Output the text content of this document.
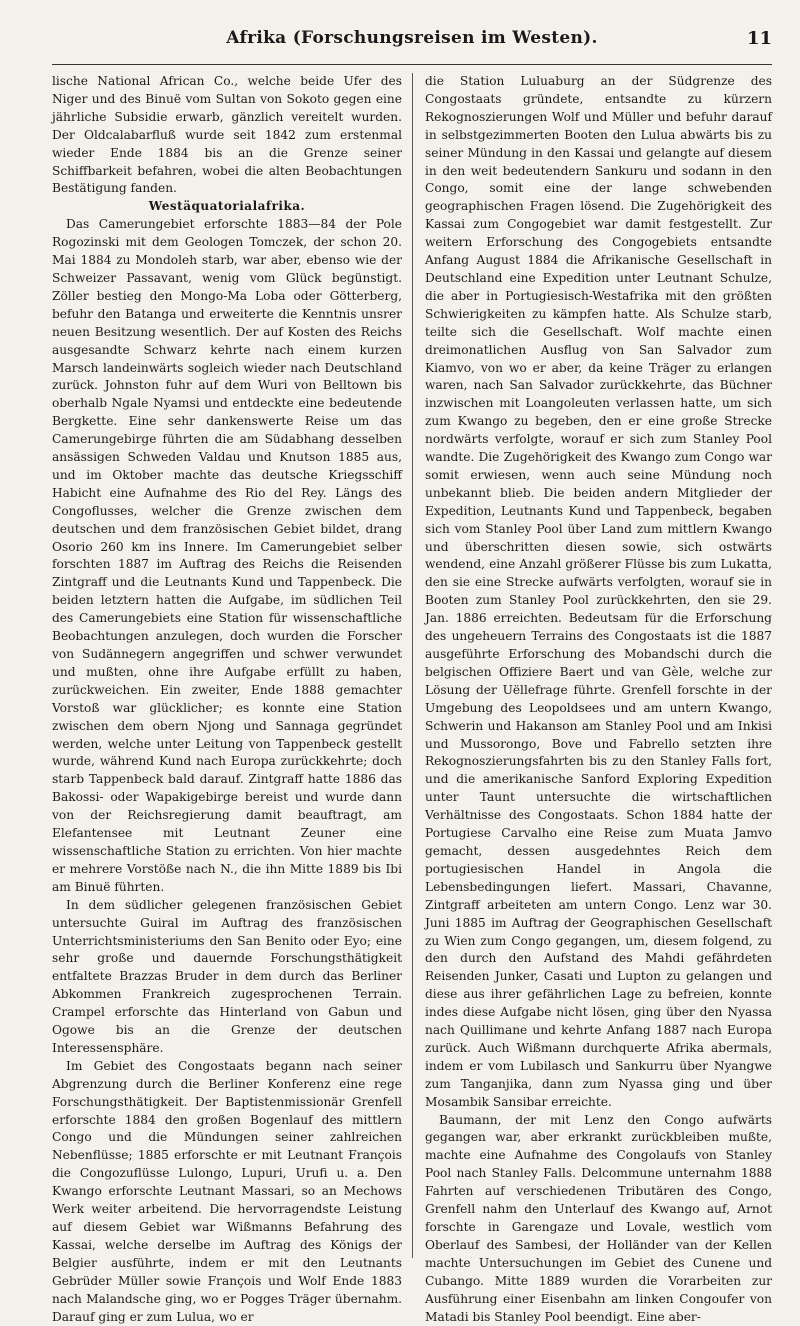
Afrika (Forschungsreisen im Westen).	11

lische National African Co., welche beide Ufer des Niger und des Binuë vom Sultan von Sokoto gegen eine jährliche Subsidie erwarb, gänzlich vereitelt wurden. Der Oldcalabarfluß wurde seit 1842 zum erstenmal wieder Ende 1884 bis an die Grenze seiner Schiffbarkeit befahren, wobei die alten Beobachtungen Bestätigung fanden.

Westäquatorialafrika.

Das Camerungebiet erforschte 1883—84 der Pole Rogozinski mit dem Geologen Tomczek, der schon 20. Mai 1884 zu Mondoleh starb, war aber, ebenso wie der Schweizer Passavant, wenig vom Glück begünstigt. Zöller bestieg den Mongo-Ma Loba oder Götterberg, befuhr den Batanga und erweiterte die Kenntnis unsrer neuen Besitzung wesentlich. Der auf Kosten des Reichs ausgesandte Schwarz kehrte nach einem kurzen Marsch landeinwärts sogleich wieder nach Deutschland zurück. Johnston fuhr auf dem Wuri von Belltown bis oberhalb Ngale Nyamsi und entdeckte eine bedeutende Bergkette. Eine sehr dankenswerte Reise um das Camerungebirge führten die am Südabhang desselben ansässigen Schweden Valdau und Knutson 1885 aus, und im Oktober machte das deutsche Kriegsschiff Habicht eine Aufnahme des Rio del Rey. Längs des Congoflusses, welcher die Grenze zwischen dem deutschen und dem französischen Gebiet bildet, drang Osorio 260 km ins Innere. Im Camerungebiet selber forschten 1887 im Auftrag des Reichs die Reisenden Zintgraff und die Leutnants Kund und Tappenbeck. Die beiden letztern hatten die Aufgabe, im südlichen Teil des Camerungebiets eine Station für wissenschaftliche Beobachtungen anzulegen, doch wurden die Forscher von Sudännegern angegriffen und schwer verwundet und mußten, ohne ihre Aufgabe erfüllt zu haben, zurückweichen. Ein zweiter, Ende 1888 gemachter Vorstoß war glücklicher; es konnte eine Station zwischen dem obern Njong und Sannaga gegründet werden, welche unter Leitung von Tappenbeck gestellt wurde, während Kund nach Europa zurückkehrte; doch starb Tappenbeck bald darauf. Zintgraff hatte 1886 das Bakossi- oder Wapakigebirge bereist und wurde dann von der Reichsregierung damit beauftragt, am Elefantensee mit Leutnant Zeuner eine wissenschaftliche Station zu errichten. Von hier machte er mehrere Vorstöße nach N., die ihn Mitte 1889 bis Ibi am Binuë führten.

In dem südlicher gelegenen französischen Gebiet untersuchte Guiral im Auftrag des französischen Unterrichtsministeriums den San Benito oder Eyo; eine sehr große und dauernde Forschungsthätigkeit entfaltete Brazzas Bruder in dem durch das Berliner Abkommen Frankreich zugesprochenen Terrain. Crampel erforschte das Hinterland von Gabun und Ogowe bis an die Grenze der deutschen Interessensphäre.

Im Gebiet des Congostaats begann nach seiner Abgrenzung durch die Berliner Konferenz eine rege Forschungsthätigkeit. Der Baptistenmissionär Grenfell erforschte 1884 den großen Bogenlauf des mittlern Congo und die Mündungen seiner zahlreichen Nebenflüsse; 1885 erforschte er mit Leutnant François die Congozuflüsse Lulongo, Lupuri, Urufi u. a. Den Kwango erforschte Leutnant Massari, so an Mechows Werk weiter arbeitend. Die hervorragendste Leistung auf diesem Gebiet war Wißmanns Befahrung des Kassai, welche derselbe im Auftrag des Königs der Belgier ausführte, indem er mit den Leutnants Gebrüder Müller sowie François und Wolf Ende 1883 nach Malandsche ging, wo er Pogges Träger übernahm. Darauf ging er zum Lulua, wo er

die Station Luluaburg an der Südgrenze des Congostaats gründete, entsandte zu kürzern Rekognoszierungen Wolf und Müller und befuhr darauf in selbstgezimmerten Booten den Lulua abwärts bis zu seiner Mündung in den Kassai und gelangte auf diesem in den weit bedeutendern Sankuru und sodann in den Congo, somit eine der lange schwebenden geographischen Fragen lösend. Die Zugehörigkeit des Kassai zum Congogebiet war damit festgestellt. Zur weitern Erforschung des Congogebiets entsandte Anfang August 1884 die Afrikanische Gesellschaft in Deutschland eine Expedition unter Leutnant Schulze, die aber in Portugiesisch-Westafrika mit den größten Schwierigkeiten zu kämpfen hatte. Als Schulze starb, teilte sich die Gesellschaft. Wolf machte einen dreimonatlichen Ausflug von San Salvador zum Kiamvo, von wo er aber, da keine Träger zu erlangen waren, nach San Salvador zurückkehrte, das Büchner inzwischen mit Loangoleuten verlassen hatte, um sich zum Kwango zu begeben, den er eine große Strecke nordwärts verfolgte, worauf er sich zum Stanley Pool wandte. Die Zugehörigkeit des Kwango zum Congo war somit erwiesen, wenn auch seine Mündung noch unbekannt blieb. Die beiden andern Mitglieder der Expedition, Leutnants Kund und Tappenbeck, begaben sich vom Stanley Pool über Land zum mittlern Kwango und überschritten diesen sowie, sich ostwärts wendend, eine Anzahl größerer Flüsse bis zum Lukatta, den sie eine Strecke aufwärts verfolgten, worauf sie in Booten zum Stanley Pool zurückkehrten, den sie 29. Jan. 1886 erreichten. Bedeutsam für die Erforschung des ungeheuern Terrains des Congostaats ist die 1887 ausgeführte Erforschung des Mobandschi durch die belgischen Offiziere Baert und van Gèle, welche zur Lösung der Uëllefrage führte. Grenfell forschte in der Umgebung des Leopoldsees und am untern Kwango, Schwerin und Hakanson am Stanley Pool und am Inkisi und Mussorongo, Bove und Fabrello setzten ihre Rekognoszierungsfahrten bis zu den Stanley Falls fort, und die amerikanische Sanford Exploring Expedition unter Taunt untersuchte die wirtschaftlichen Verhältnisse des Congostaats. Schon 1884 hatte der Portugiese Carvalho eine Reise zum Muata Jamvo gemacht, dessen ausgedehntes Reich dem portugiesischen Handel in Angola die Lebensbedingungen liefert. Massari, Chavanne, Zintgraff arbeiteten am untern Congo. Lenz war 30. Juni 1885 im Auftrag der Geographischen Gesellschaft zu Wien zum Congo gegangen, um, diesem folgend, zu den durch den Aufstand des Mahdi gefährdeten Reisenden Junker, Casati und Lupton zu gelangen und diese aus ihrer gefährlichen Lage zu befreien, konnte indes diese Aufgabe nicht lösen, ging über den Nyassa nach Quillimane und kehrte Anfang 1887 nach Europa zurück. Auch Wißmann durchquerte Afrika abermals, indem er vom Lubilasch und Sankurru über Nyangwe zum Tanganjika, dann zum Nyassa ging und über Mosambik Sansibar erreichte.

Baumann, der mit Lenz den Congo aufwärts gegangen war, aber erkrankt zurückbleiben mußte, machte eine Aufnahme des Congolaufs von Stanley Pool nach Stanley Falls. Delcommune unternahm 1888 Fahrten auf verschiedenen Tributären des Congo, Grenfell nahm den Unterlauf des Kwango auf, Arnot forschte in Garengaze und Lovale, westlich vom Oberlauf des Sambesi, der Holländer van der Kellen machte Untersuchungen im Gebiet des Cunene und Cubango. Mitte 1889 wurden die Vorarbeiten zur Ausführung einer Eisenbahn am linken Congoufer von Matadi bis Stanley Pool beendigt. Eine aber-
